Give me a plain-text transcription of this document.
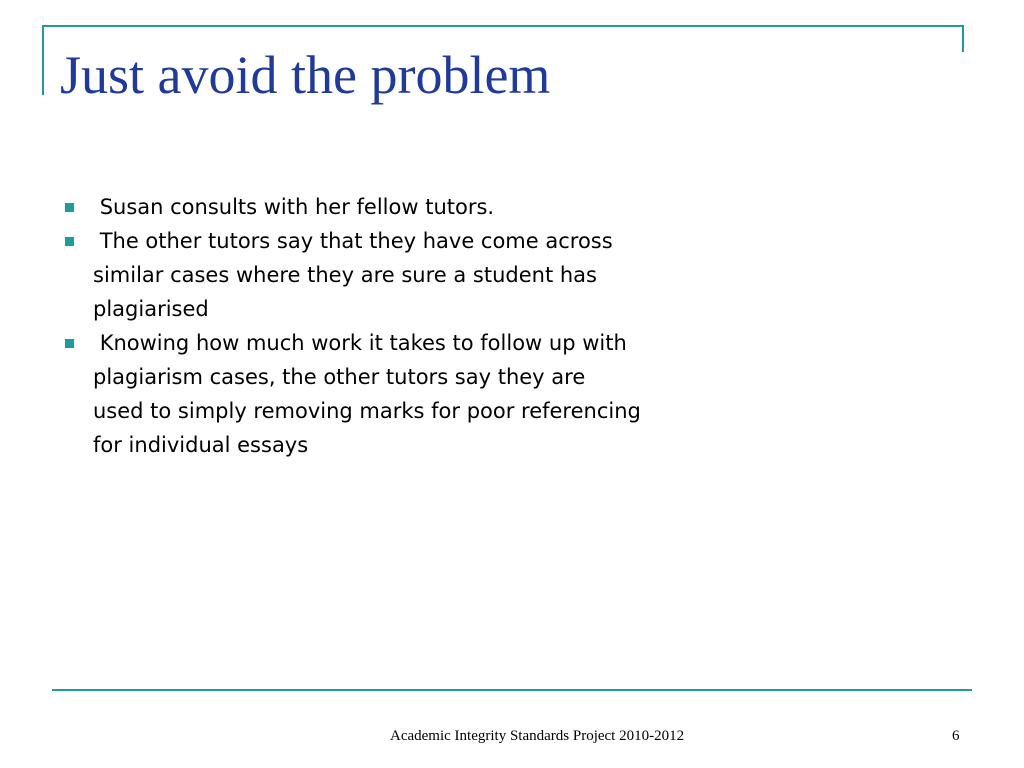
Just avoid the problem
Susan consults with her fellow tutors.
The other tutors say that they have come across similar cases where they are sure a student has plagiarised
Knowing how much work it takes to follow up with plagiarism cases, the other tutors say they are used to simply removing marks for poor referencing for individual essays
Academic Integrity Standards Project 2010-2012	6
